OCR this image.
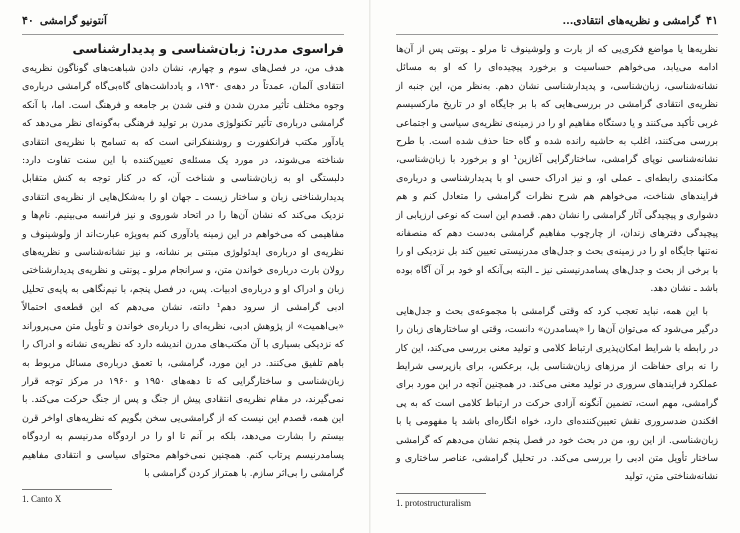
آنتونیو گرامشی
۴۰
فراسوی مدرن: زبان‌شناسی و پدیدارشناسی

هدف من، در فصل‌های سوم و چهارم، نشان دادن شباهت‌های گوناگون نظریه‌ی انتقادی آلمان، عمدتاً در دهه‌ی ۱۹۳۰، و یادداشت‌های گاه‌بی‌گاه گرامشی درباره‌ی وجوه مختلف تأثیر مدرن شدن و فنی شدن بر جامعه و فرهنگ است. اما، با آنکه گرامشی درباره‌ی تأثیر تکنولوژی مدرن بر تولید فرهنگی به‌گونه‌ای نظر می‌دهد که یادآور مکتب فرانکفورت و روشنفکرانی است که به تسامح با نظریه‌ی انتقادی شناخته می‌شوند، در مورد یک مسئله‌ی تعیین‌کننده با این سنت تفاوت دارد: دلبستگی او به زبان‌شناسی و شناخت آن، که در کنار توجه به کنش متقابل پدیدارشناختی زبان و ساختار زیست ـ جهان او را به‌شکل‌هایی از نظریه‌ی انتقادی نزدیک می‌کند که نشان آن‌ها را در اتحاد شوروی و نیز فرانسه می‌بینیم. نام‌ها و مفاهیمی که می‌خواهم در این زمینه یادآوری کنم به‌ویژه عبارت‌اند از ولوشینوف و نظریه‌ی او درباره‌ی ایدئولوژی مبتنی بر نشانه، و نیز نشانه‌شناسی و نظریه‌های رولان بارت درباره‌ی خواندن متن، و سرانجام مرلو ـ پونتی و نظریه‌ی پدیدارشناختی زبان و ادراک او و درباره‌ی ادبیات. پس، در فصل پنجم، با نیم‌نگاهی به پایه‌ی تحلیل ادبی گرامشی از سرود دهم¹ دانته، نشان می‌دهم که این قطعه‌ی احتمالاً «بی‌اهمیت» از پژوهش ادبی، نظریه‌ای را درباره‌ی خواندن و تأویل متن می‌پروراند که نزدیکی بسیاری با آن مکتب‌های مدرن اندیشه دارد که نظریه‌ی نشانه و ادراک را باهم تلفیق می‌کنند. در این مورد، گرامشی، با تعمق درباره‌ی مسائل مربوط به زبان‌شناسی و ساختارگرایی که تا دهه‌های ۱۹۵۰ و ۱۹۶۰ در مرکز توجه قرار نمی‌گیرند، در مقام نظریه‌ی انتقادی پیش از جنگ و پس از جنگ حرکت می‌کند. با این همه، قصدم این نیست که از گرامشی‌یی سخن بگویم که نظریه‌های اواخر قرن بیستم را بشارت می‌دهد، بلکه بر آنم تا او را در اردوگاه مدرنیسم به اردوگاه پسامدرنیسم پرتاب کنم. همچنین نمی‌خواهم محتوای سیاسی و انتقادی مفاهیم گرامشی را بی‌اثر سازم. با همتراز کردن گرامشی با

1. Canto X

۴۱
گرامشی و نظریه‌های انتقادی...

نظریه‌ها یا مواضع فکری‌یی که از بارت و ولوشینوف تا مرلو ـ پونتی پس از آن‌ها ادامه می‌یابد، می‌خواهم حساسیت و برخورد پیچیده‌ای را که او به مسائل نشانه‌شناسی، زبان‌شناسی، و پدیدارشناسی نشان دهم. به‌نظر من، این جنبه از نظریه‌ی انتقادی گرامشی در بررسی‌هایی که با بر جایگاه او در تاریخ مارکسیسم غربی تأکید می‌کنند و یا دستگاه مفاهیم او را در زمینه‌ی نظریه‌ی سیاسی و اجتماعی بررسی می‌کنند، اغلب به حاشیه رانده شده و گاه حتا حذف شده است. با طرح نشانه‌شناسی نوپای گرامشی، ساختارگرایی آغازین¹ او و برخورد با زبان‌شناسی، مکانمندی رابطه‌ای ـ عملی او، و نیز ادراک حسی او با پدیدارشناسی و درباره‌ی فرایندهای شناخت، می‌خواهم هم شرح نظرات گرامشی را متعادل کنم و هم دشواری و پیچیدگی آثار گرامشی را نشان دهم. قصدم این است که نوعی ارزیابی از پیچیدگی دفترهای زندان، از چارچوب مفاهیم گرامشی به‌دست دهم که منصفانه نه‌تنها جایگاه او را در زمینه‌ی بحث و جدل‌های مدرنیستی تعیین کند بل نزدیکی او را با برخی از بحث و جدل‌های پسامدرنیستی نیز ـ البته بی‌آنکه او خود بر آن آگاه بوده باشد ـ نشان دهد.

با این همه، نباید تعجب کرد که وقتی گرامشی با مجموعه‌ی بحث و جدل‌هایی درگیر می‌شود که می‌توان آن‌ها را «پسامدرن» دانست، وقتی او ساختارهای زبان را در رابطه با شرایط امکان‌پذیری ارتباط کلامی و تولید معنی بررسی می‌کند، این کار را نه برای حفاظت از مرزهای زبان‌شناسی بل، برعکس، برای بازپرسی شرایط عملکرد فرایندهای سروری در تولید معنی می‌کند. در همچنین آنچه در این مورد برای گرامشی، مهم است، تضمین آنگونه آزادی حرکت در ارتباط کلامی است که به پی افکندن ضدسروری نقش تعیین‌کننده‌ای دارد، خواه انگاره‌ای باشد یا مفهومی یا با زبان‌شناسی. از این رو، من در بحث خود در فصل پنجم نشان می‌دهم که گرامشی ساختار تأویل متن ادبی را بررسی می‌کند. در تحلیل گرامشی، عناصر ساختاری و نشانه‌شناختی متن، تولید

1. protostructuralism
